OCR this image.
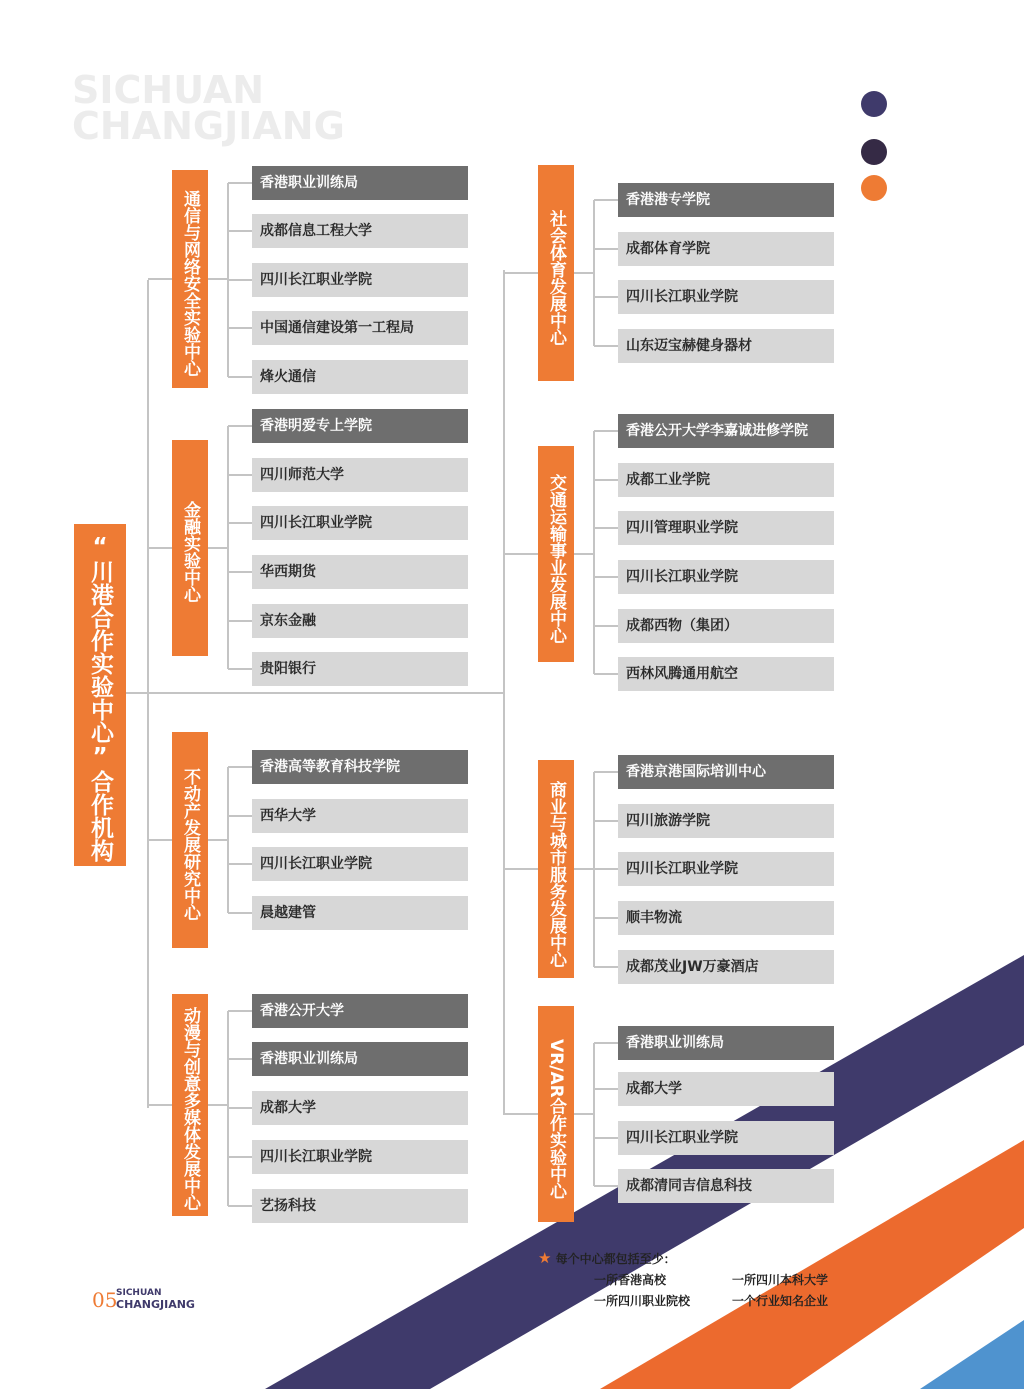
SICHUAN
CHANGJIANG
“川港合作实验中心”合作机构
通信与网络安全实验中心
香港职业训练局
成都信息工程大学
四川长江职业学院
中国通信建设第一工程局
烽火通信
金融实验中心
香港明爱专上学院
四川师范大学
四川长江职业学院
华西期货
京东金融
贵阳银行
不动产发展研究中心
香港高等教育科技学院
西华大学
四川长江职业学院
晨越建管
动漫与创意多媒体发展中心	香港公开大学
香港职业训练局
成都大学
四川长江职业学院
艺扬科技
社会体育发展中心
香港港专学院
成都体育学院
四川长江职业学院
山东迈宝赫健身器材
交通运输事业发展中心
香港公开大学李嘉诚进修学院
成都工业学院
四川管理职业学院
四川长江职业学院
成都西物（集团）
西林风腾通用航空
商业与城市服务发展中心
香港京港国际培训中心
四川旅游学院
四川长江职业学院
顺丰物流
成都茂业JW万豪酒店
VR/AR合作实验中心	香港职业训练局
成都大学
四川长江职业学院
成都清同吉信息科技
★ 每个中心都包括至少：
一所香港高校	一所四川本科大学
一所四川职业院校	一个行业知名企业
05
SICHUAN
CHANGJIANG
